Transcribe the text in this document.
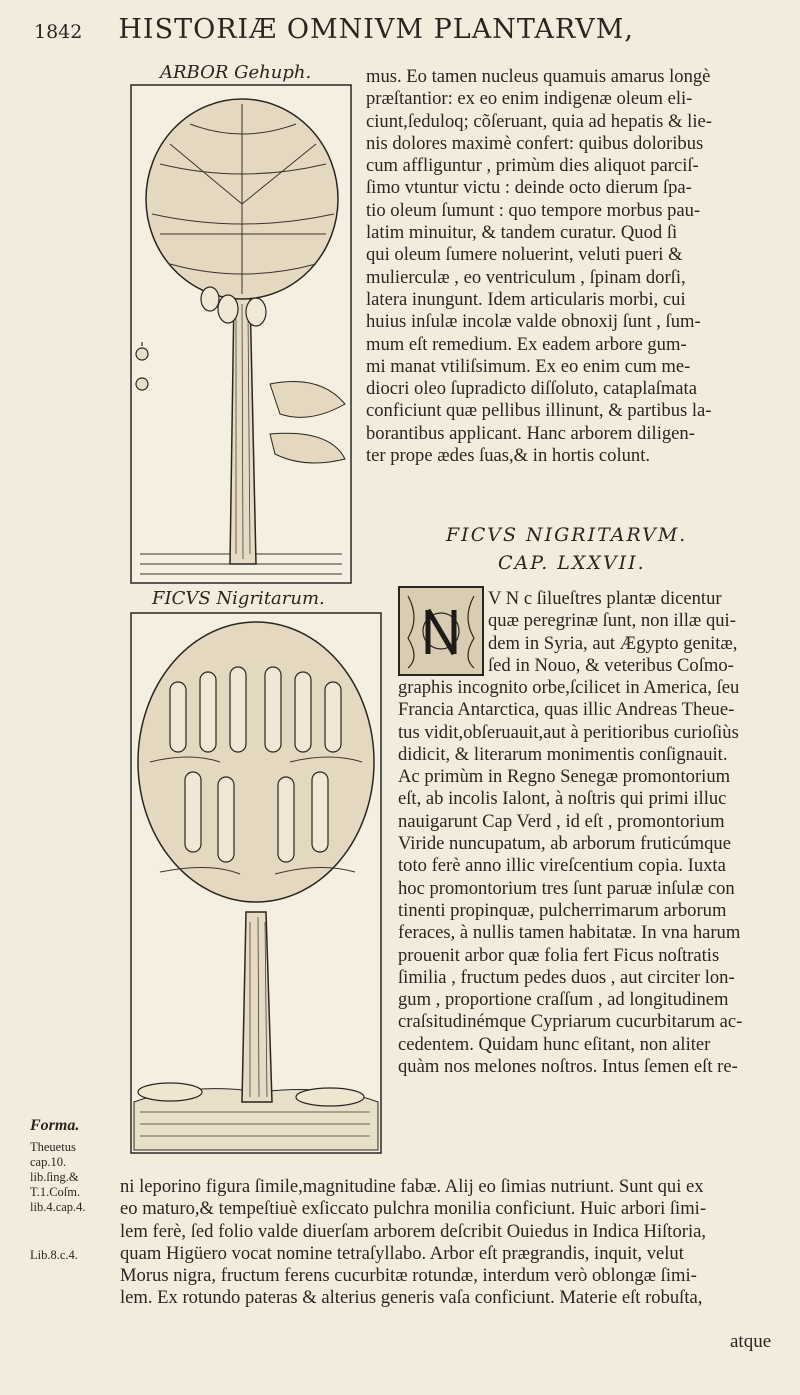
1842 HISTORIÆ OMNIVM PLANTARVM,
ARBOR Gehuph.
FICVS Nigritarum.
mus. Eo tamen nucleus quamuis amarus longè
præſtantior: ex eo enim indigenæ oleum eli-
ciunt,ſeduloq; cõſeruant, quia ad hepatis & lie-
nis dolores maximè confert: quibus doloribus
cum affliguntur , primùm dies aliquot parciſ-
ſimo vtuntur victu : deinde octo dierum ſpa-
tio oleum ſumunt : quo tempore morbus pau-
latim minuitur, & tandem curatur. Quod ſi
qui oleum ſumere noluerint, veluti pueri &
mulierculæ , eo ventriculum , ſpinam dorſi,
latera inungunt. Idem articularis morbi, cui
huius inſulæ incolæ valde obnoxij ſunt , ſum-
mum eſt remedium. Ex eadem arbore gum-
mi manat vtiliſsimum. Ex eo enim cum me-
diocri oleo ſupradicto diſſoluto, cataplaſmata
conficiunt quæ pellibus illinunt, & partibus la-
borantibus applicant. Hanc arborem diligen-
ter prope ædes ſuas,& in hortis colunt.
FICVS NIGRITARVM.
CAP. LXXVII.
V N c ſilueſtres plantæ dicentur
quæ peregrinæ ſunt, non illæ qui-
dem in Syria, aut Ægypto genitæ,
ſed in Nouo, & veteribus Coſmo-
graphis incognito orbe,ſcilicet in America, ſeu
Francia Antarctica, quas illic Andreas Theue-
tus vidit,obſeruauit,aut à peritioribus curioſiùs
didicit, & literarum monimentis conſignauit.
Ac primùm in Regno Senegæ promontorium
eſt, ab incolis Ialont, à noſtris qui primi illuc
nauigarunt Cap Verd , id eſt , promontorium
Viride nuncupatum, ab arborum fruticúmque
toto ferè anno illic vireſcentium copia. Iuxta
hoc promontorium tres ſunt paruæ inſulæ con
tinenti propinquæ, pulcherrimarum arborum
feraces, à nullis tamen habitatæ. In vna harum
prouenit arbor quæ folia fert Ficus noſtratis
ſimilia , fructum pedes duos , aut circiter lon-
gum , proportione craſſum , ad longitudinem
craſsitudinémque Cypriarum cucurbitarum ac-
cedentem. Quidam hunc eſitant, non aliter
quàm nos melones noſtros. Intus ſemen eſt re-
ni leporino figura ſimile,magnitudine fabæ. Alij eo ſimias nutriunt. Sunt qui ex
eo maturo,& tempeſtiuè exſiccato pulchra monilia conficiunt. Huic arbori ſimi-
lem ferè, ſed folio valde diuerſam arborem deſcribit Ouiedus in Indica Hiſtoria,
quam Higüero vocat nomine tetraſyllabo. Arbor eſt prægrandis, inquit, velut
Morus nigra, fructum ferens cucurbitæ rotundæ, interdum verò oblongæ ſimi-
lem. Ex rotundo pateras & alterius generis vaſa conficiunt. Materie eſt robuſta,
atque
Forma.
Theuetus
cap.10.
lib.ſing.&
T.1.Coſm.
lib.4.cap.4.
Lib.8.c.4.
